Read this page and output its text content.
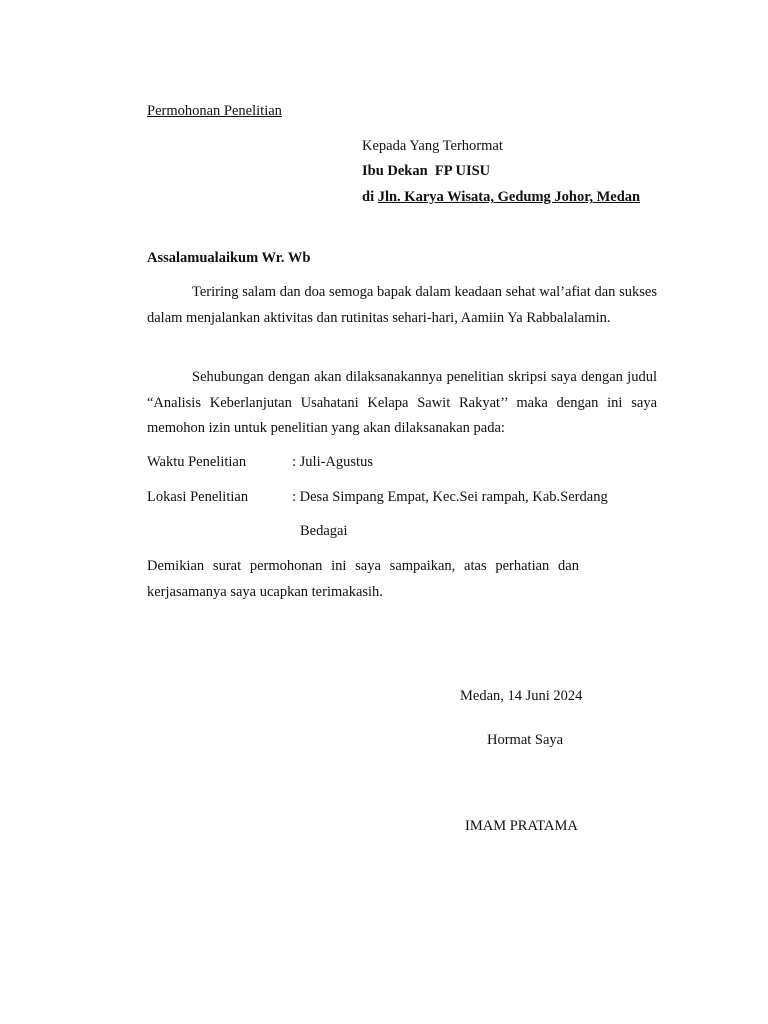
Permohonan Penelitian
Kepada Yang Terhormat
Ibu Dekan  FP UISU
di Jln. Karya Wisata, Gedumg Johor, Medan
Assalamualaikum Wr. Wb
Teriring salam dan doa semoga bapak dalam keadaan sehat wal’afiat dan sukses dalam menjalankan aktivitas dan rutinitas sehari-hari, Aamiin Ya Rabbalalamin.
Sehubungan dengan akan dilaksanakannya penelitian skripsi saya dengan judul “Analisis Keberlanjutan Usahatani Kelapa Sawit Rakyat’’ maka dengan ini saya memohon izin untuk penelitian yang akan dilaksanakan pada:
Waktu Penelitian	: Juli-Agustus
Lokasi Penelitian	: Desa Simpang Empat, Kec.Sei rampah, Kab.Serdang
Bedagai
Demikian surat permohonan ini saya sampaikan, atas perhatian dan kerjasamanya saya ucapkan terimakasih.
Medan, 14 Juni 2024
Hormat Saya
IMAM PRATAMA
